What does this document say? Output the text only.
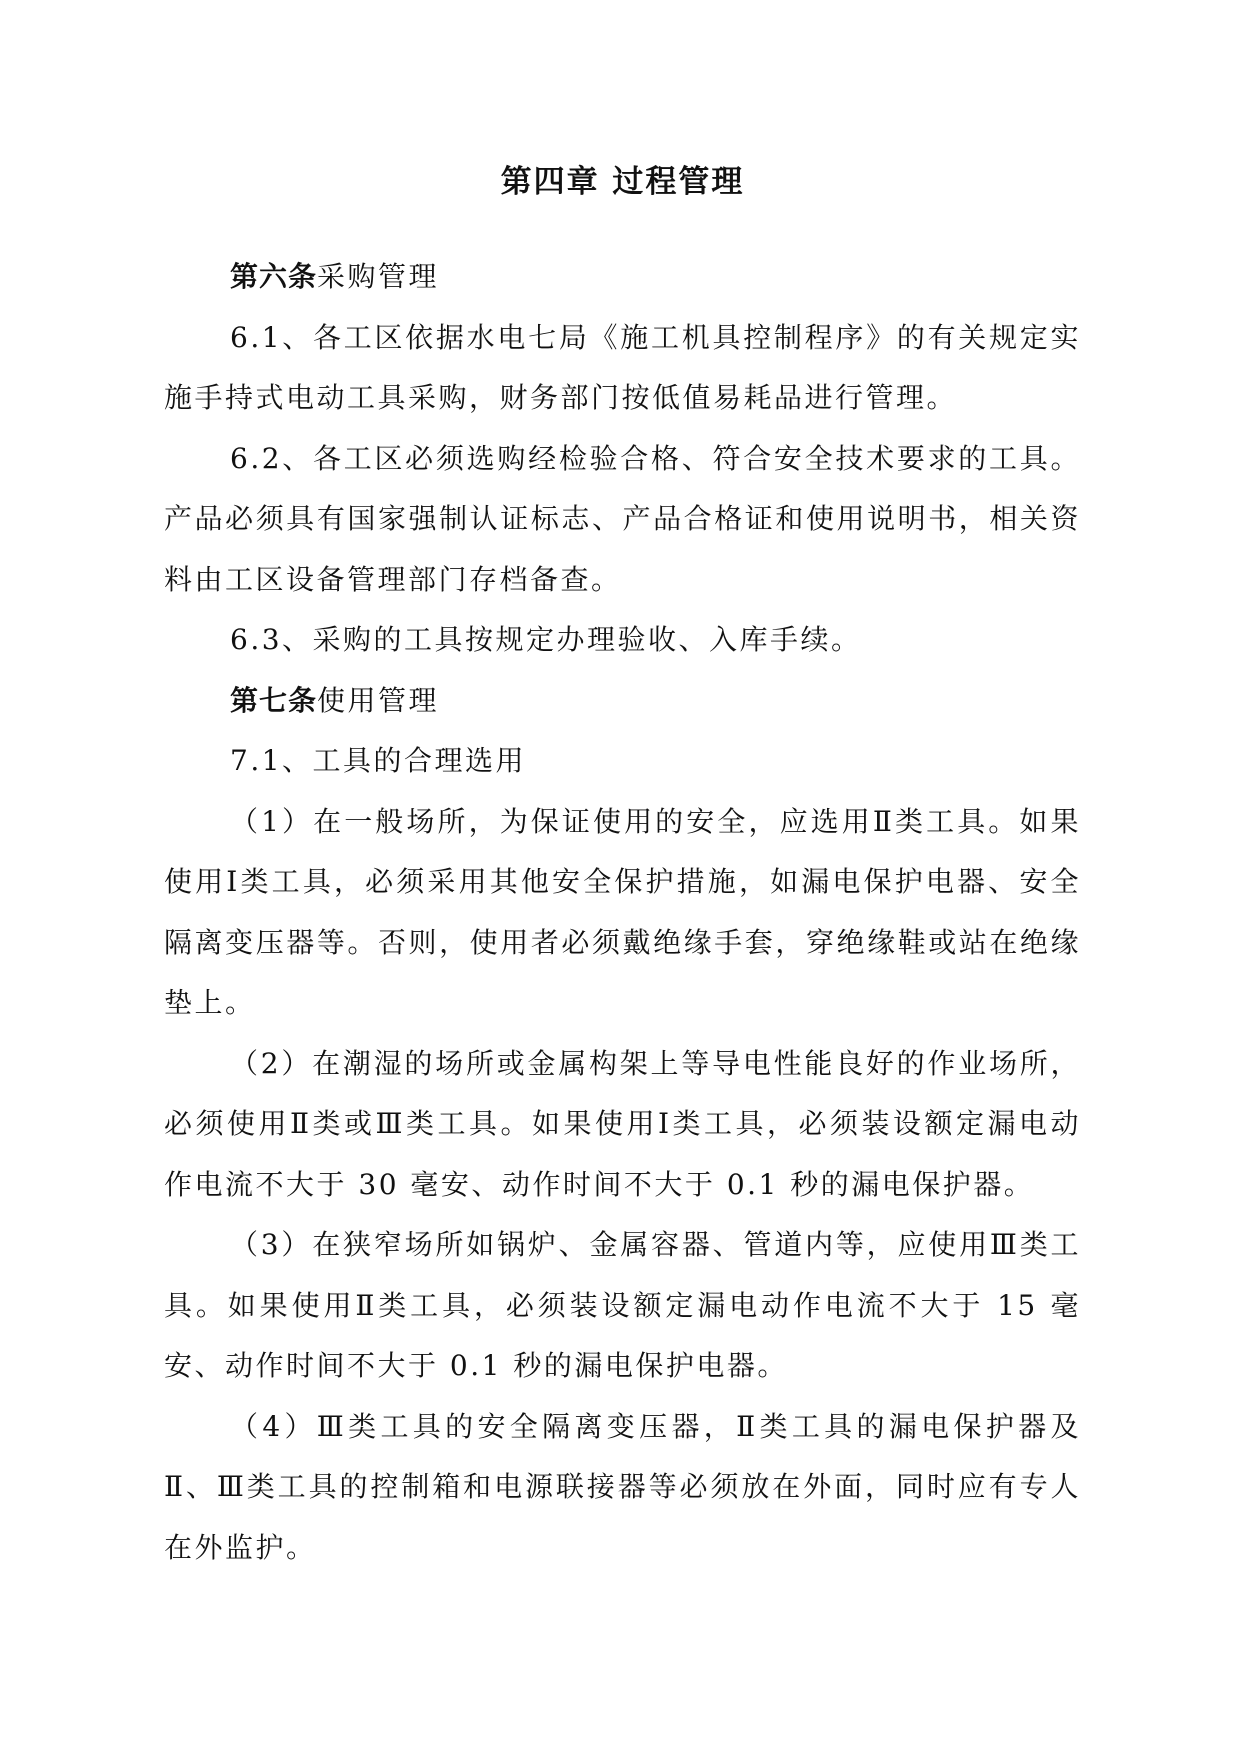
第四章 过程管理

第六条采购管理

6.1、各工区依据水电七局《施工机具控制程序》的有关规定实施手持式电动工具采购，财务部门按低值易耗品进行管理。

6.2、各工区必须选购经检验合格、符合安全技术要求的工具。产品必须具有国家强制认证标志、产品合格证和使用说明书，相关资料由工区设备管理部门存档备查。

6.3、采购的工具按规定办理验收、入库手续。

第七条使用管理

7.1、工具的合理选用

（1）在一般场所，为保证使用的安全，应选用Ⅱ类工具。如果使用Ⅰ类工具，必须采用其他安全保护措施，如漏电保护电器、安全隔离变压器等。否则，使用者必须戴绝缘手套，穿绝缘鞋或站在绝缘垫上。

（2）在潮湿的场所或金属构架上等导电性能良好的作业场所，必须使用Ⅱ类或Ⅲ类工具。如果使用Ⅰ类工具，必须装设额定漏电动作电流不大于 30 毫安、动作时间不大于 0.1 秒的漏电保护器。

（3）在狭窄场所如锅炉、金属容器、管道内等，应使用Ⅲ类工具。如果使用Ⅱ类工具，必须装设额定漏电动作电流不大于 15 毫安、动作时间不大于 0.1 秒的漏电保护电器。

（4）Ⅲ类工具的安全隔离变压器，Ⅱ类工具的漏电保护器及Ⅱ、Ⅲ类工具的控制箱和电源联接器等必须放在外面，同时应有专人在外监护。
